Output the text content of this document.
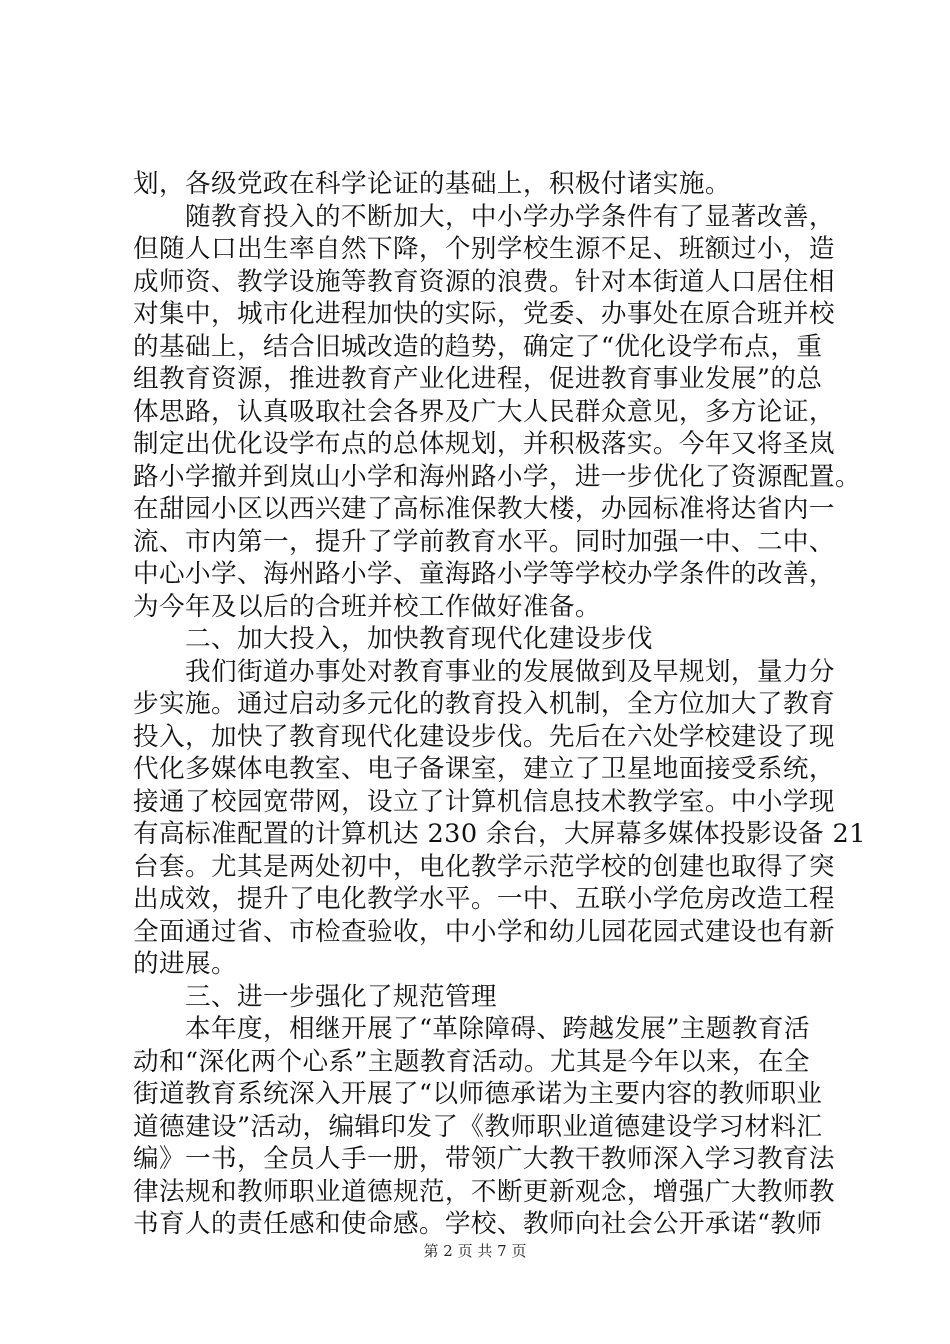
划，各级党政在科学论证的基础上，积极付诸实施。
随教育投入的不断加大，中小学办学条件有了显著改善，
但随人口出生率自然下降，个别学校生源不足、班额过小，造
成师资、教学设施等教育资源的浪费。针对本街道人口居住相
对集中，城市化进程加快的实际，党委、办事处在原合班并校
的基础上，结合旧城改造的趋势，确定了“优化设学布点，重
组教育资源，推进教育产业化进程，促进教育事业发展”的总
体思路，认真吸取社会各界及广大人民群众意见，多方论证，
制定出优化设学布点的总体规划，并积极落实。今年又将圣岚
路小学撤并到岚山小学和海州路小学，进一步优化了资源配置。
在甜园小区以西兴建了高标准保教大楼，办园标准将达省内一
流、市内第一，提升了学前教育水平。同时加强一中、二中、
中心小学、海州路小学、童海路小学等学校办学条件的改善，
为今年及以后的合班并校工作做好准备。
二、加大投入，加快教育现代化建设步伐
我们街道办事处对教育事业的发展做到及早规划，量力分
步实施。通过启动多元化的教育投入机制，全方位加大了教育
投入，加快了教育现代化建设步伐。先后在六处学校建设了现
代化多媒体电教室、电子备课室，建立了卫星地面接受系统，
接通了校园宽带网，设立了计算机信息技术教学室。中小学现
有高标准配置的计算机达 230 余台，大屏幕多媒体投影设备 21
台套。尤其是两处初中，电化教学示范学校的创建也取得了突
出成效，提升了电化教学水平。一中、五联小学危房改造工程
全面通过省、市检查验收，中小学和幼儿园花园式建设也有新
的进展。
三、进一步强化了规范管理
本年度，相继开展了“革除障碍、跨越发展”主题教育活
动和“深化两个心系”主题教育活动。尤其是今年以来，在全
街道教育系统深入开展了“以师德承诺为主要内容的教师职业
道德建设”活动，编辑印发了《教师职业道德建设学习材料汇
编》一书，全员人手一册，带领广大教干教师深入学习教育法
律法规和教师职业道德规范，不断更新观念，增强广大教师教
书育人的责任感和使命感。学校、教师向社会公开承诺“教师
第 2 页 共 7 页
